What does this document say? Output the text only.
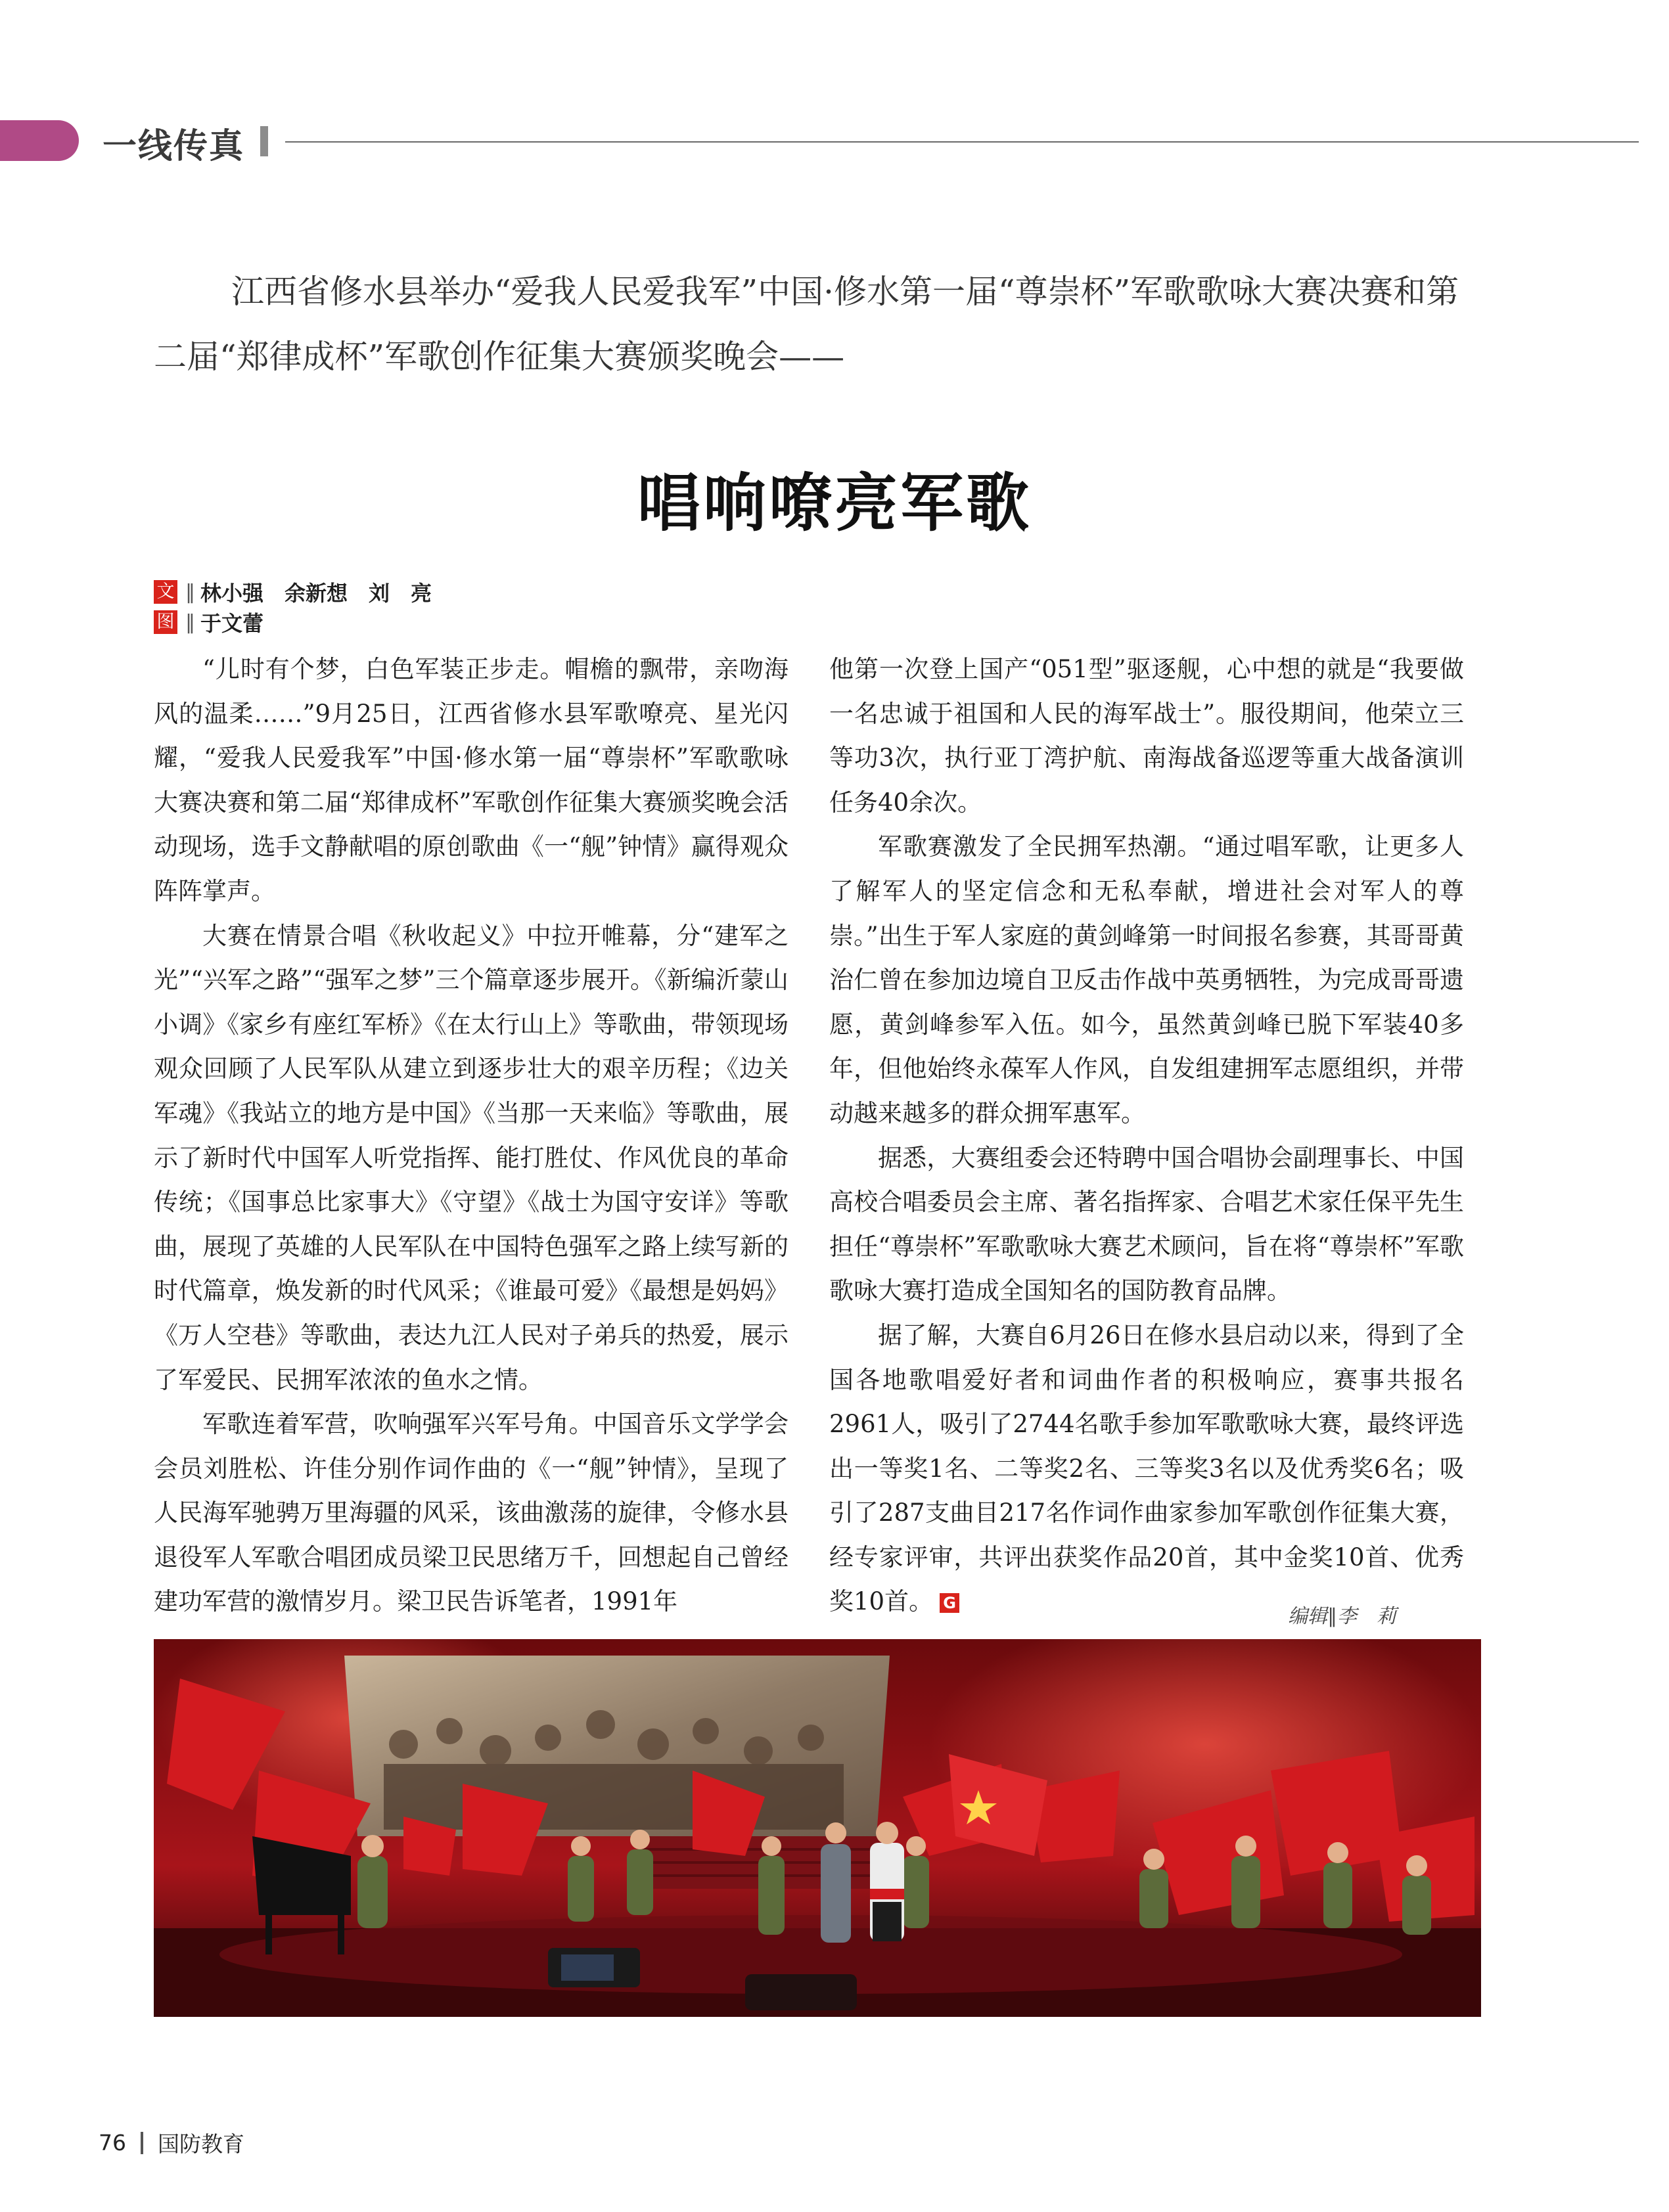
一线传真
江西省修水县举办“爱我人民爱我军”中国·修水第一届“尊崇杯”军歌歌咏大赛决赛和第二届“郑律成杯”军歌创作征集大赛颁奖晚会——
唱响嘹亮军歌
文 ‖ 林小强　余新想　刘　亮
图 ‖ 于文蕾

“儿时有个梦，白色军装正步走。帽檐的飘带，亲吻海风的温柔……”9月25日，江西省修水县军歌嘹亮、星光闪耀，“爱我人民爱我军”中国·修水第一届“尊崇杯”军歌歌咏大赛决赛和第二届“郑律成杯”军歌创作征集大赛颁奖晚会活动现场，选手文静献唱的原创歌曲《一“舰”钟情》赢得观众阵阵掌声。

大赛在情景合唱《秋收起义》中拉开帷幕，分“建军之光”“兴军之路”“强军之梦”三个篇章逐步展开。《新编沂蒙山小调》《家乡有座红军桥》《在太行山上》等歌曲，带领现场观众回顾了人民军队从建立到逐步壮大的艰辛历程；《边关军魂》《我站立的地方是中国》《当那一天来临》等歌曲，展示了新时代中国军人听党指挥、能打胜仗、作风优良的革命传统；《国事总比家事大》《守望》《战士为国守安详》等歌曲，展现了英雄的人民军队在中国特色强军之路上续写新的时代篇章，焕发新的时代风采；《谁最可爱》《最想是妈妈》《万人空巷》等歌曲，表达九江人民对子弟兵的热爱，展示了军爱民、民拥军浓浓的鱼水之情。

军歌连着军营，吹响强军兴军号角。中国音乐文学学会会员刘胜松、许佳分别作词作曲的《一“舰”钟情》，呈现了人民海军驰骋万里海疆的风采，该曲激荡的旋律，令修水县退役军人军歌合唱团成员梁卫民思绪万千，回想起自己曾经建功军营的激情岁月。梁卫民告诉笔者，1991年

他第一次登上国产“051型”驱逐舰，心中想的就是“我要做一名忠诚于祖国和人民的海军战士”。服役期间，他荣立三等功3次，执行亚丁湾护航、南海战备巡逻等重大战备演训任务40余次。

军歌赛激发了全民拥军热潮。“通过唱军歌，让更多人了解军人的坚定信念和无私奉献，增进社会对军人的尊崇。”出生于军人家庭的黄剑峰第一时间报名参赛，其哥哥黄治仁曾在参加边境自卫反击作战中英勇牺牲，为完成哥哥遗愿，黄剑峰参军入伍。如今，虽然黄剑峰已脱下军装40多年，但他始终永葆军人作风，自发组建拥军志愿组织，并带动越来越多的群众拥军惠军。

据悉，大赛组委会还特聘中国合唱协会副理事长、中国高校合唱委员会主席、著名指挥家、合唱艺术家任保平先生担任“尊崇杯”军歌歌咏大赛艺术顾问，旨在将“尊崇杯”军歌歌咏大赛打造成全国知名的国防教育品牌。

据了解，大赛自6月26日在修水县启动以来，得到了全国各地歌唱爱好者和词曲作者的积极响应，赛事共报名2961人，吸引了2744名歌手参加军歌歌咏大赛，最终评选出一等奖1名、二等奖2名、三等奖3名以及优秀奖6名；吸引了287支曲目217名作词作曲家参加军歌创作征集大赛，经专家评审，共评出获奖作品20首，其中金奖10首、优秀奖10首。 G

编辑∥李　莉
76 国防教育
